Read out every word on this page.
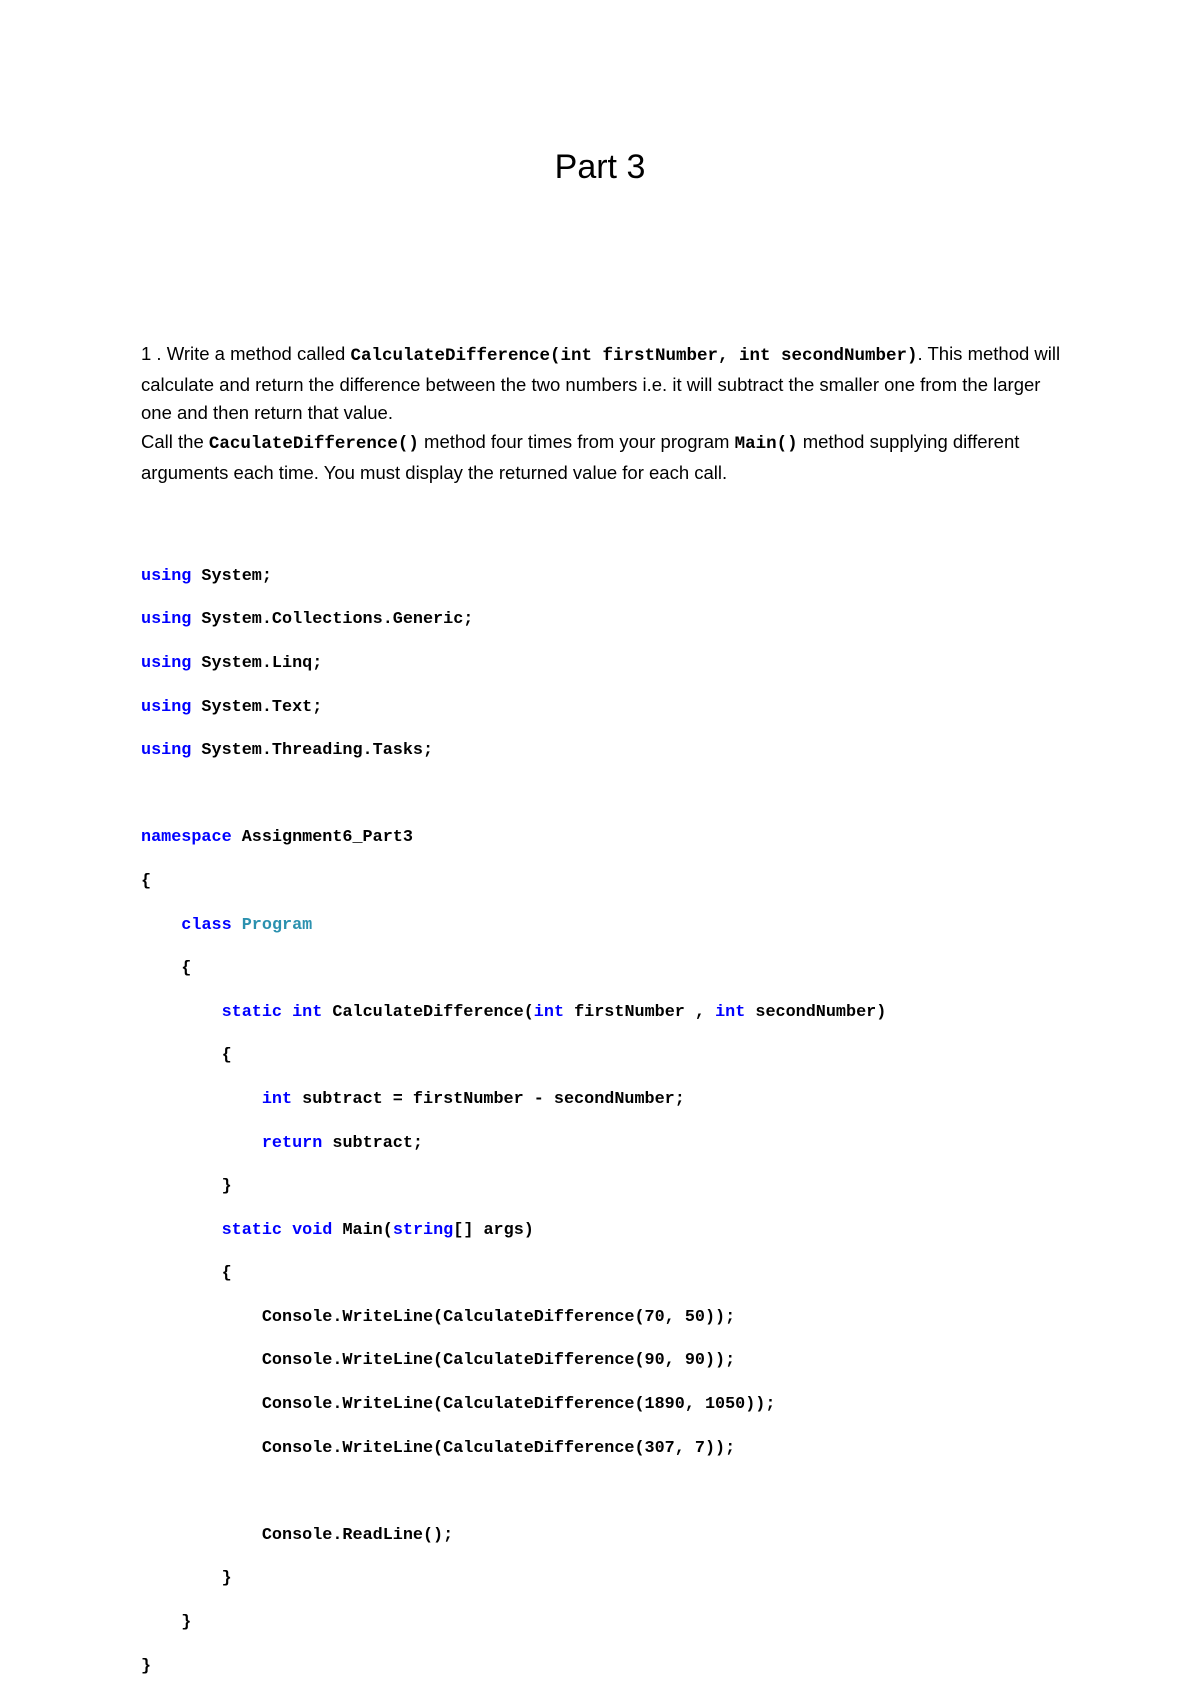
Part 3

1 . Write a method called CalculateDifference(int firstNumber, int secondNumber). This method will calculate and return the difference between the two numbers i.e. it will subtract the smaller one from the larger one and then return that value.

Call the CaculateDifference() method four times from your program Main() method supplying different arguments each time. You must display the returned value for each call.

using System;

using System.Collections.Generic;

using System.Linq;

using System.Text;

using System.Threading.Tasks;

namespace Assignment6_Part3

{

class Program

{

static int CalculateDifference(int firstNumber , int secondNumber)

{

int subtract = firstNumber - secondNumber;

return subtract;

}

static void Main(string[] args)

{

Console.WriteLine(CalculateDifference(70, 50));

Console.WriteLine(CalculateDifference(90, 90));

Console.WriteLine(CalculateDifference(1890, 1050));

Console.WriteLine(CalculateDifference(307, 7));

Console.ReadLine();

}

}

}
